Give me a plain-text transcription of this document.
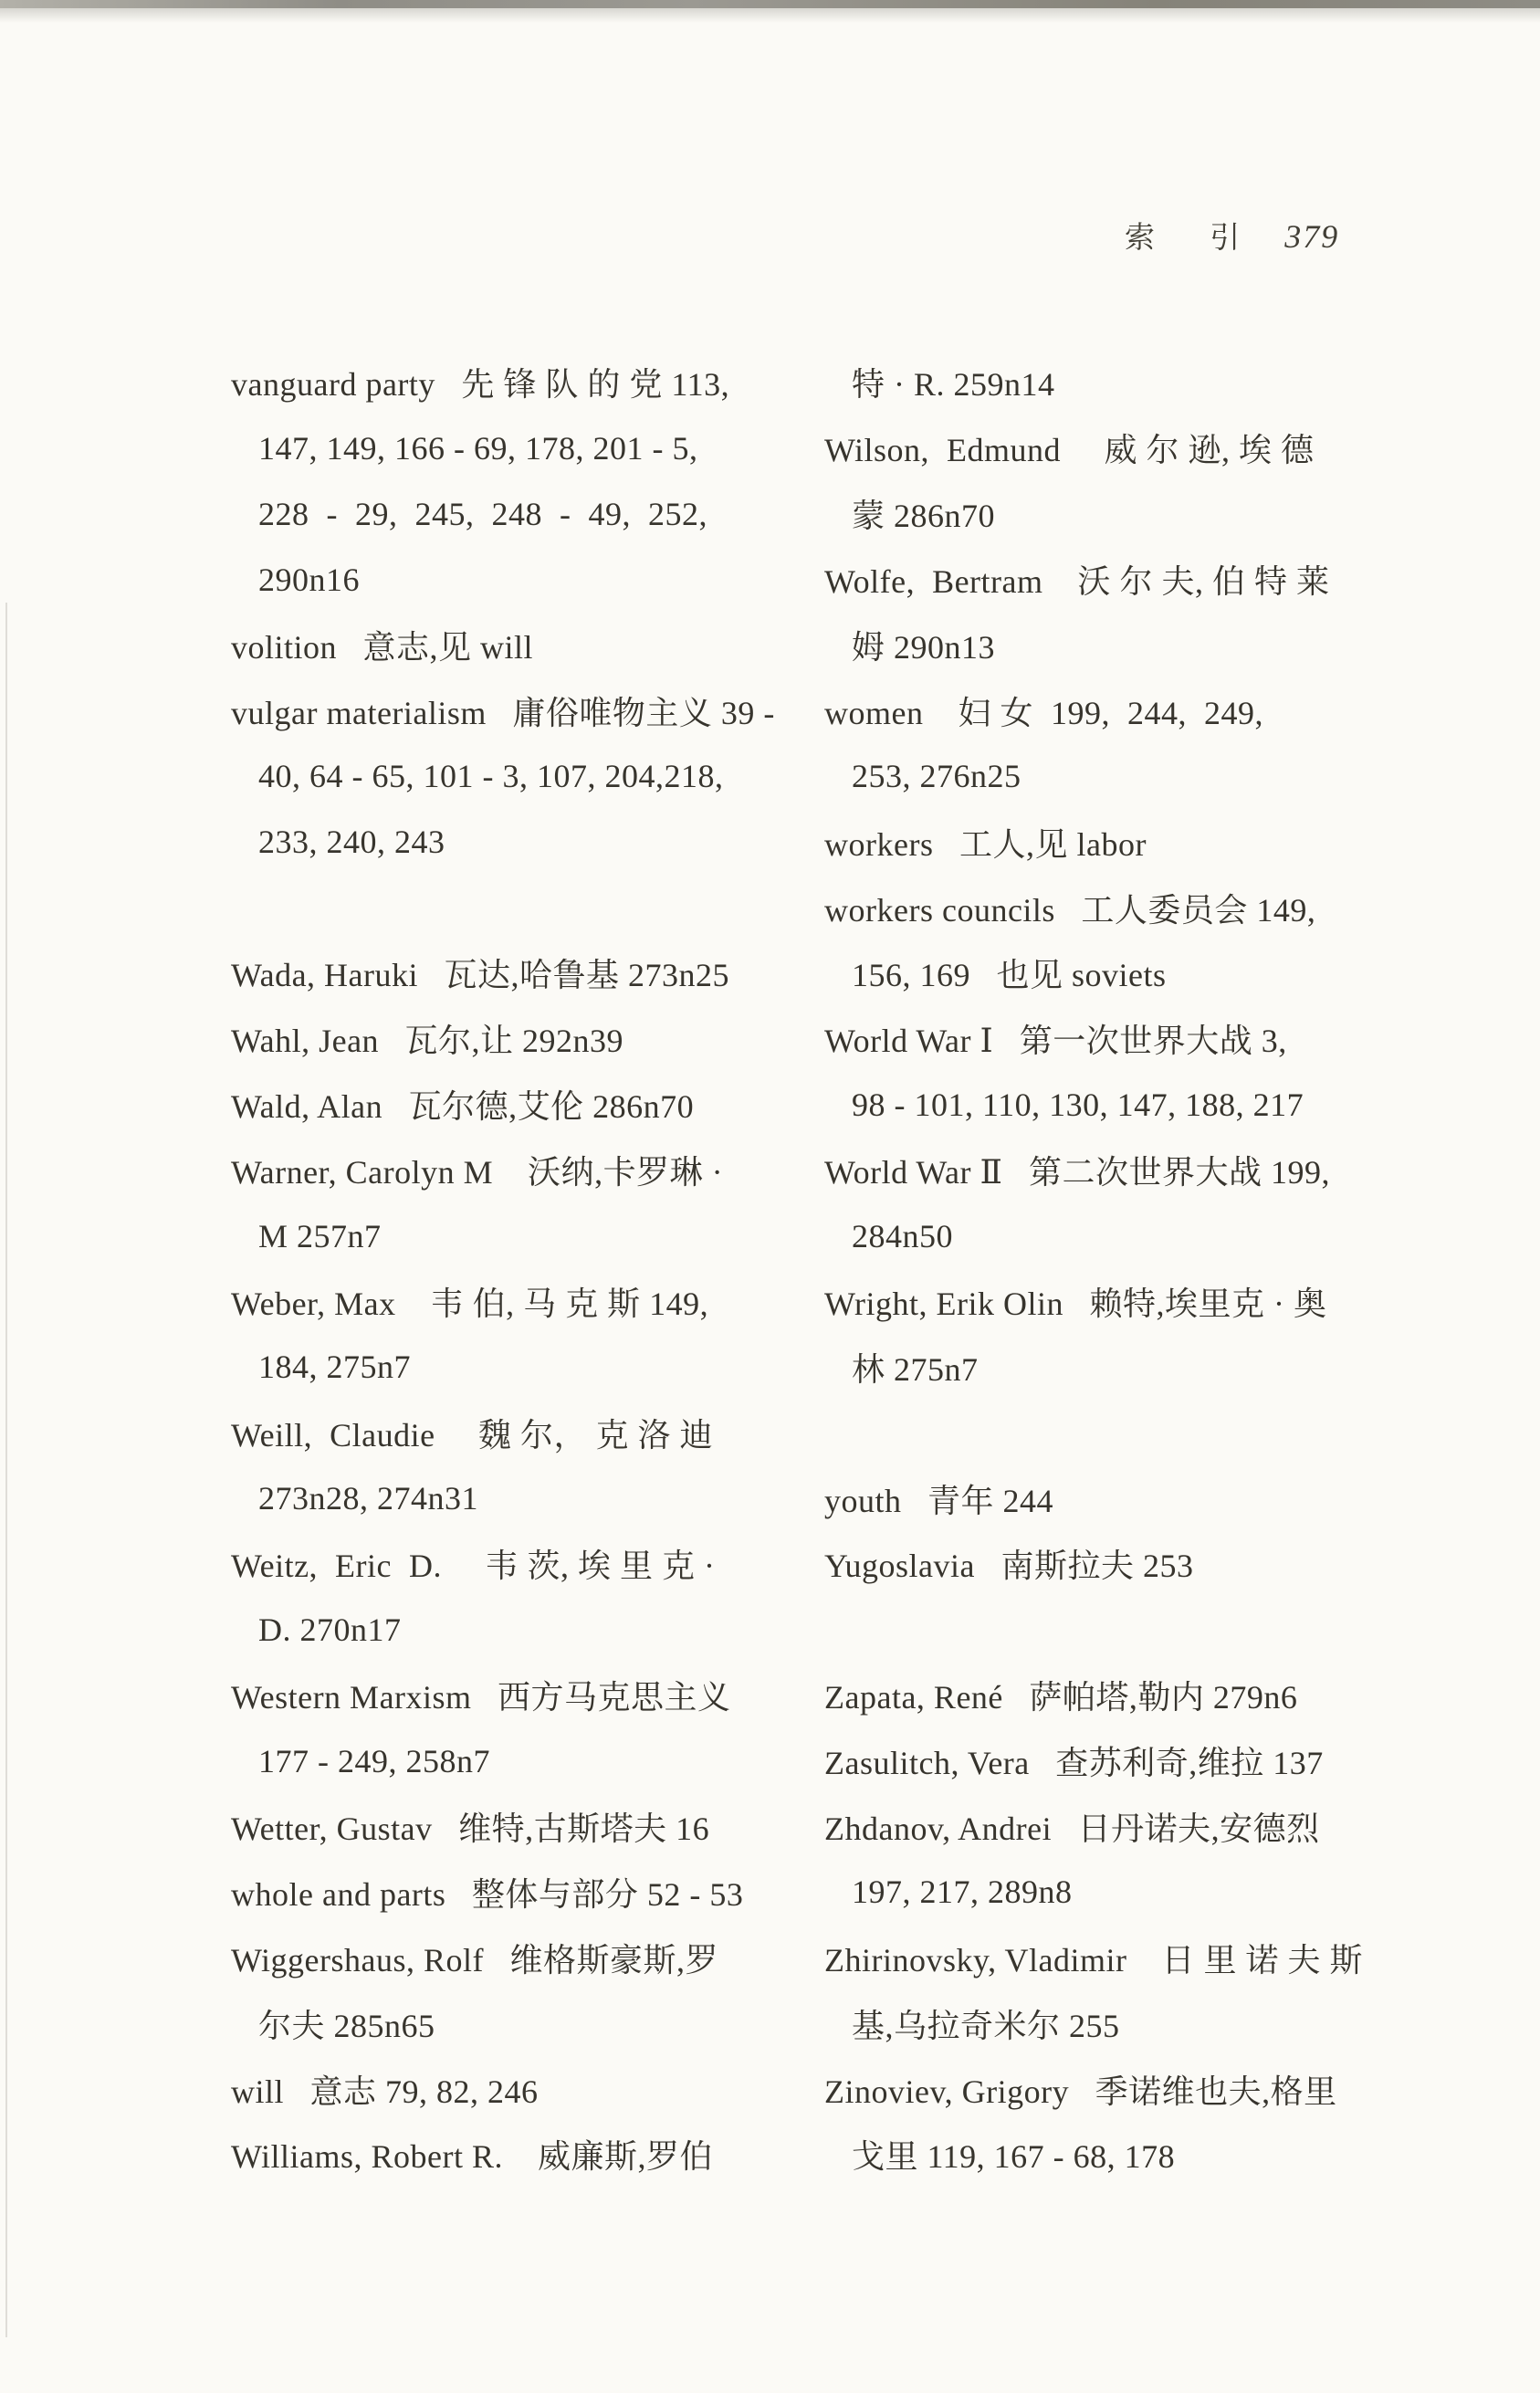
索 引 379
vanguard party   先 锋 队 的 党 113,
147, 149, 166 - 69, 178, 201 - 5,
228  -  29,  245,  248  -  49,  252,
290n16
volition   意志,见 will
vulgar materialism   庸俗唯物主义 39 -
40, 64 - 65, 101 - 3, 107, 204,218,
233, 240, 243
Wada, Haruki   瓦达,哈鲁基 273n25
Wahl, Jean   瓦尔,让 292n39
Wald, Alan   瓦尔德,艾伦 286n70
Warner, Carolyn M    沃纳,卡罗琳 ·
M 257n7
Weber, Max    韦 伯, 马 克 斯 149,
184, 275n7
Weill,  Claudie     魏 尔， 克 洛 迪
273n28, 274n31
Weitz,  Eric  D.     韦 茨, 埃 里 克 ·
D. 270n17
Western Marxism   西方马克思主义
177 - 249, 258n7
Wetter, Gustav   维特,古斯塔夫 16
whole and parts   整体与部分 52 - 53
Wiggershaus, Rolf   维格斯豪斯,罗
尔夫 285n65
will   意志 79, 82, 246
Williams, Robert R.    威廉斯,罗伯
特 · R. 259n14
Wilson,  Edmund     威 尔 逊, 埃 德
蒙 286n70
Wolfe,  Bertram    沃 尔 夫, 伯 特 莱
姆 290n13
women    妇 女  199,  244,  249,
253, 276n25
workers   工人,见 labor
workers councils   工人委员会 149,
156, 169   也见 soviets
World War Ⅰ   第一次世界大战 3,
98 - 101, 110, 130, 147, 188, 217
World War Ⅱ   第二次世界大战 199,
284n50
Wright, Erik Olin   赖特,埃里克 · 奥
林 275n7
youth   青年 244
Yugoslavia   南斯拉夫 253
Zapata, René   萨帕塔,勒内 279n6
Zasulitch, Vera   查苏利奇,维拉 137
Zhdanov, Andrei   日丹诺夫,安德烈
197, 217, 289n8
Zhirinovsky, Vladimir    日 里 诺 夫 斯
基,乌拉奇米尔 255
Zinoviev, Grigory   季诺维也夫,格里
戈里 119, 167 - 68, 178
